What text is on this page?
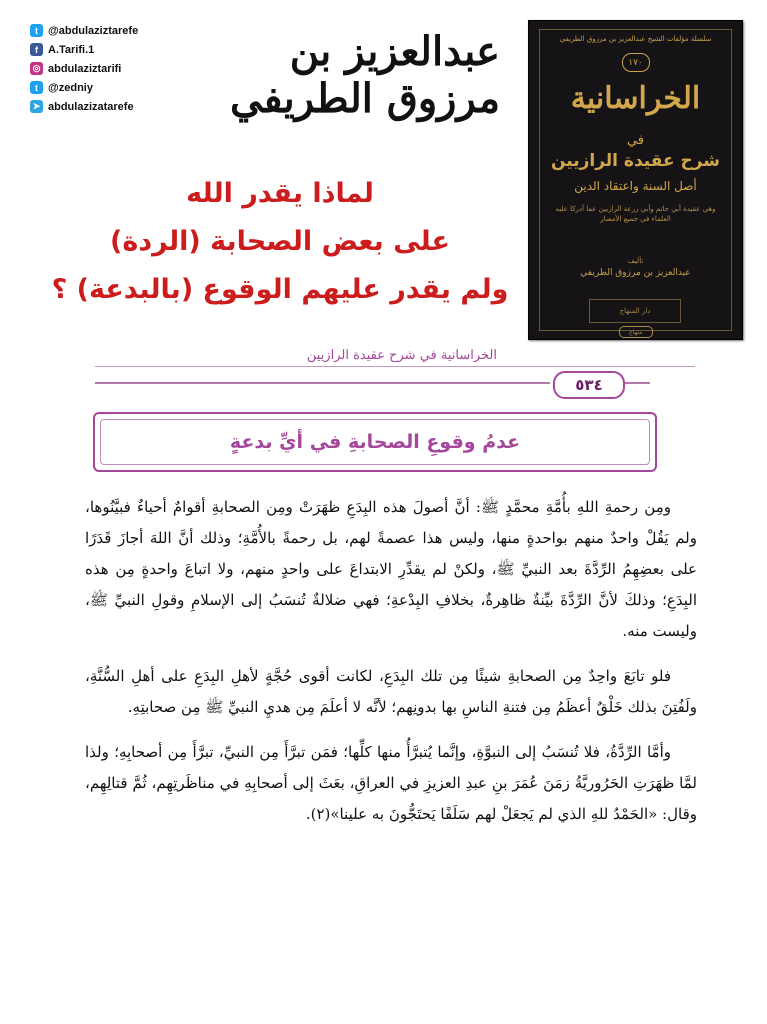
t @abdulaziztarefe
f A.Tarifi.1
◎ abdulaziztarifi
t @zedniy
➤ abdulazizatarefe
عبدالعزيز بن مرزوق الطريفي
لماذا يقدر الله
على بعض الصحابة (الردة)
ولم يقدر عليهم الوقوع (بالبدعة) ؟
سلسلة مؤلفات الشيخ عبدالعزيز بن مرزوق الطريفي
١٧٠
الخراسانية
في
شرح عقيدة الرازيين
أصل السنة واعتقاد الدين
وهي عقيدة أبي حاتم وأبي زرعة الرازيين عما أدركا عليه العلماء في جميع الأمصار
تأليف
عبدالعزيز بن مرزوق الطريفي
دار المنهاج
منهاج
الخراسانية في شرح عقيدة الرازيين
٥٣٤
عدمُ وقوعِ الصحابةِ في أيِّ بدعةٍ

ومِن رحمةِ اللهِ بأُمَّةِ محمَّدٍ ﷺ: أنَّ أصولَ هذه البِدَعِ ظهَرَتْ ومِن الصحابةِ أقوامٌ أحياءٌ فبيَّنُوها، ولم يَقُلْ واحدٌ منهم بواحدةٍ منها، وليس هذا عصمةً لهم، بل رحمةً بالأُمَّةِ؛ وذلك أنَّ اللهَ أجازَ قَدَرًا على بعضِهِمُ الرِّدَّةَ بعد النبيِّ ﷺ، ولكنْ لم يقدِّرِ الابتداعَ على واحدٍ منهم، ولا اتباعَ واحدةٍ مِن هذه البِدَعِ؛ وذلكَ لأنَّ الرِّدَّةَ بيِّنةٌ ظاهِرةٌ، بخلافِ البِدْعةِ؛ فهي ضلالةٌ تُنسَبُ إلى الإسلامِ وقولِ النبيِّ ﷺ، وليست منه.

فلو تابَعَ واحِدٌ مِن الصحابةِ شيئًا مِن تلك البِدَعِ، لكانت أقوى حُجَّةٍ لأهلِ البِدَعِ على أهلِ السُّنَّةِ، ولَفُتِنَ بذلك خَلْقٌ أعظَمُ مِن فتنةِ الناسِ بها بدونِهم؛ لأنَّه لا أعلَمَ مِن هديِ النبيِّ ﷺ مِن صحابتِهِ.

وأمَّا الرِّدَّةُ، فلا تُنسَبُ إلى النبوَّةِ، وإنَّما يُتبرَّأُ منها كلِّها؛ فمَن تبرَّأَ مِن النبيِّ، تبرَّأَ مِن أصحابِهِ؛ ولذا لمَّا ظهَرَتِ الحَرُوريَّةُ زمَنَ عُمَرَ بنِ عبدِ العزيزِ في العراقِ، بعَثَ إلى أصحابِهِ في مناظَرتِهِم، ثُمَّ قتالِهِم، وقال: «الحَمْدُ للهِ الذي لم يَجعَلْ لهم سَلَفًا يَحتَجُّونَ به علينا»(٢).
